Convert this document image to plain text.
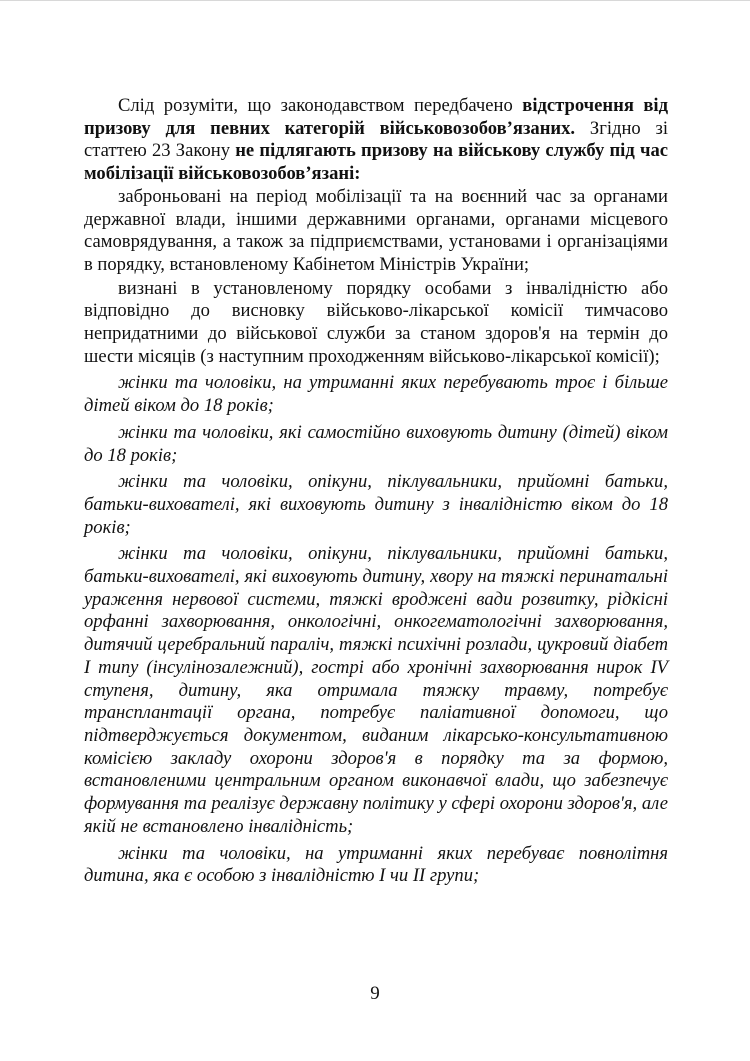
Слід розуміти, що законодавством передбачено відстрочення від призову для певних категорій військовозобов’язаних. Згідно зі статтею 23 Закону не підлягають призову на військову службу під час мобілізації військовозобов’язані:

заброньовані на період мобілізації та на воєнний час за органами державної влади, іншими державними органами, органами місцевого самоврядування, а також за підприємствами, установами і організаціями в порядку, встановленому Кабінетом Міністрів України;

визнані в установленому порядку особами з інвалідністю або відповідно до висновку військово-лікарської комісії тимчасово непридатними до військової служби за станом здоров'я на термін до шести місяців (з наступним проходженням військово-лікарської комісії);

жінки та чоловіки, на утриманні яких перебувають троє і більше дітей віком до 18 років;

жінки та чоловіки, які самостійно виховують дитину (дітей) віком до 18 років;

жінки та чоловіки, опікуни, піклувальники, прийомні батьки, батьки-вихователі, які виховують дитину з інвалідністю віком до 18 років;

жінки та чоловіки, опікуни, піклувальники, прийомні батьки, батьки-вихователі, які виховують дитину, хвору на тяжкі перинатальні ураження нервової системи, тяжкі вроджені вади розвитку, рідкісні орфанні захворювання, онкологічні, онкогематологічні захворювання, дитячий церебральний параліч, тяжкі психічні розлади, цукровий діабет І типу (інсулінозалежний), гострі або хронічні захворювання нирок IV ступеня, дитину, яка отримала тяжку травму, потребує трансплантації органа, потребує паліативної допомоги, що підтверджується документом, виданим лікарсько-консультативною комісією закладу охорони здоров'я в порядку та за формою, встановленими центральним органом виконавчої влади, що забезпечує формування та реалізує державну політику у сфері охорони здоров'я, але якій не встановлено інвалідність;

жінки та чоловіки, на утриманні яких перебуває повнолітня дитина, яка є особою з інвалідністю І чи ІІ групи;

9
